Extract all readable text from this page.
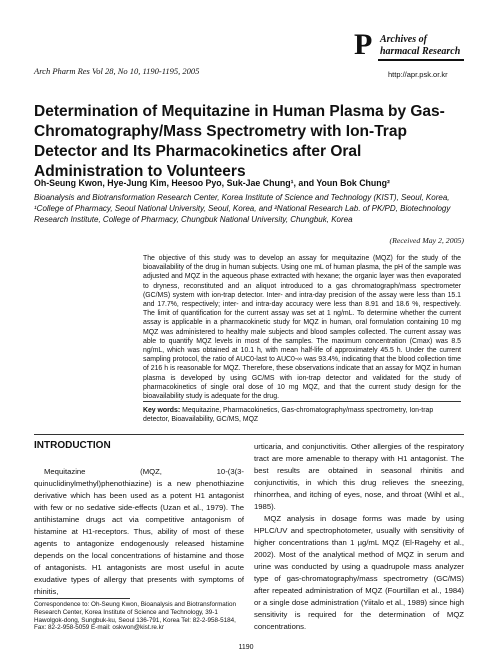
Arch Pharm Res Vol 28, No 10, 1190-1195, 2005
P Archives of
harmacal Research
http://apr.psk.or.kr
Determination of Mequitazine in Human Plasma by Gas-Chromatography/Mass Spectrometry with Ion-Trap Detector and Its Pharmacokinetics after Oral Administration to Volunteers
Oh-Seung Kwon, Hye-Jung Kim, Heesoo Pyo, Suk-Jae Chung¹, and Youn Bok Chung²
Bioanalysis and Biotransformation Research Center, Korea Institute of Science and Technology (KIST), Seoul, Korea, ¹College of Pharmacy, Seoul National University, Seoul, Korea, and ²National Research Lab. of PK/PD, Biotechnology Research Institute, College of Pharmacy, Chungbuk National University, Chungbuk, Korea
(Received May 2, 2005)
The objective of this study was to develop an assay for mequitazine (MQZ) for the study of the bioavailability of the drug in human subjects. Using one mL of human plasma, the pH of the sample was adjusted and MQZ in the aqueous phase extracted with hexane; the organic layer was then evaporated to dryness, reconstituted and an aliquot introduced to a gas chromatograph/mass spectrometer (GC/MS) system with ion-trap detector. Inter- and intra-day precision of the assay were less than 15.1 and 17.7%, respectively; inter- and intra-day accuracy were less than 8.91 and 18.6 %, respectively. The limit of quantification for the current assay was set at 1 ng/mL. To determine whether the current assay is applicable in a pharmacokinetic study for MQZ in human, oral formulation containing 10 mg MQZ was administered to healthy male subjects and blood samples collected. The current assay was able to quantify MQZ levels in most of the samples. The maximum concentration (Cmax) was 8.5 ng/mL, which was obtained at 10.1 h, with mean half-life of approximately 45.5 h. Under the current sampling protocol, the ratio of AUC0-last to AUC0-∞ was 93.4%, indicating that the blood collection time of 216 h is reasonable for MQZ. Therefore, these observations indicate that an assay for MQZ in human plasma is developed by using GC/MS with ion-trap detector and validated for the study of pharmacokinetics of single oral dose of 10 mg MQZ, and that the current study design for the bioavailability study is adequate for the drug.
Key words: Mequitazine, Pharmacokinetics, Gas-chromatography/mass spectrometry, Ion-trap detector, Bioavailability, GC/MS, MQZ
INTRODUCTION
Mequitazine (MQZ, 10-(3(3-quinuclidinylmethyl)phenothiazine) is a new phenothiazine derivative which has been used as a potent H1 antagonist with few or no sedative side-effects (Uzan et al., 1979). The antihistamine drugs act via competitive antagonism of histamine at H1-receptors. Thus, ability of most of these agents to antagonize endogenously released histamine depends on the local concentrations of histamine and those of antagonists. H1 antagonists are most useful in acute exudative types of allergy that presents with symptoms of rhinitis,

urticaria, and conjunctivitis. Other allergies of the respiratory tract are more amenable to therapy with H1 antagonist. The best results are obtained in seasonal rhinitis and conjunctivitis, in which this drug relieves the sneezing, rhinorrhea, and itching of eyes, nose, and throat (Wihl et al., 1985).

MQZ analysis in dosage forms was made by using HPLC/UV and spectrophotometer, usually with sensitivity of higher concentrations than 1 µg/mL MQZ (El-Ragehy et al., 2002). Most of the analytical method of MQZ in serum and urine was conducted by using a quadrupole mass analyzer type of gas-chromatography/mass spectrometry (GC/MS) after repeated administration of MQZ (Fourtillan et al., 1984) or a single dose administration (Yiitalo et al., 1989) since high sensitivity is required for the determination of MQZ concentrations.

Correspondence to: Oh-Seung Kwon, Bioanalysis and Biotransformation Research Center, Korea Institute of Science and Technology, 39-1 Hawolgok-dong, Sungbuk-ku, Seoul 136-791, Korea Tel: 82-2-958-5184, Fax: 82-2-958-5059 E-mail: oskwon@kist.re.kr
1190
